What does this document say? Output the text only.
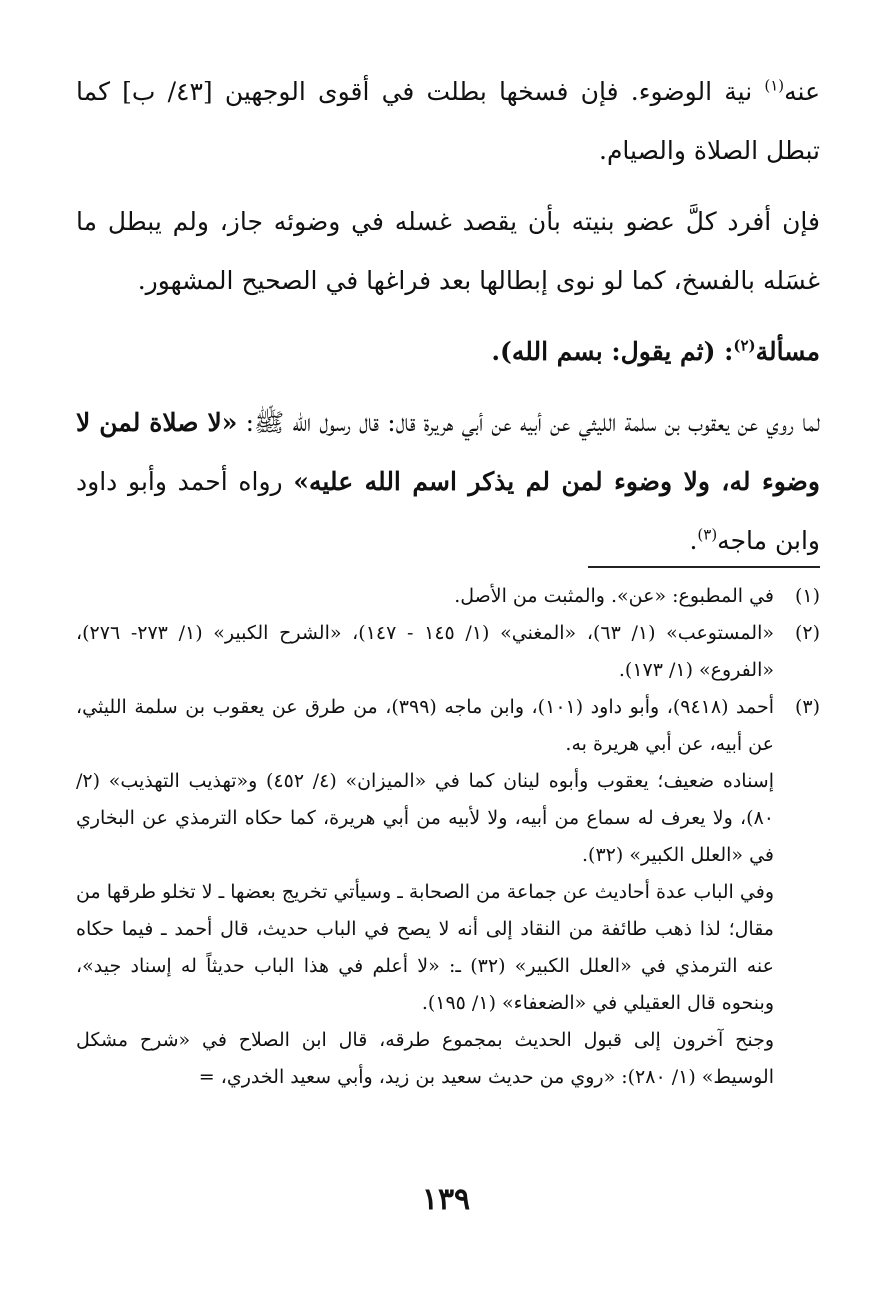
عنه$^{(١)}$ نية الوضوء. فإن فسخها بطلت في أقوى الوجهين [٤٣/ ب] كما تبطل الصلاة والصيام.

فإن أفرد كلَّ عضو بنيته بأن يقصد غسله في وضوئه جاز، ولم يبطل ما غسَله بالفسخ، كما لو نوى إبطالها بعد فراغها في الصحيح المشهور.

مسألة$^{(٢)}$: (ثم يقول: بسم الله).

لما روي عن يعقوب بن سلمة الليثي عن أبيه عن أبي هريرة قال: قال رسول الله ﷺ: «لا صلاة لمن لا وضوء له، ولا وضوء لمن لم يذكر اسم الله عليه» رواه أحمد وأبو داود وابن ماجه$^{(٣)}$.

(١)

في المطبوع: «عن». والمثبت من الأصل.

(٢)

«المستوعب» (١/ ٦٣)، «المغني» (١/ ١٤٥ - ١٤٧)، «الشرح الكبير» (١/ ٢٧٣- ٢٧٦)، «الفروع» (١/ ١٧٣).

(٣)

أحمد (٩٤١٨)، وأبو داود (١٠١)، وابن ماجه (٣٩٩)، من طرق عن يعقوب بن سلمة الليثي، عن أبيه، عن أبي هريرة به.

إسناده ضعيف؛ يعقوب وأبوه لينان كما في «الميزان» (٤/ ٤٥٢) و«تهذيب التهذيب» (٢/ ٨٠)، ولا يعرف له سماع من أبيه، ولا لأبيه من أبي هريرة، كما حكاه الترمذي عن البخاري في «العلل الكبير» (٣٢).

وفي الباب عدة أحاديث عن جماعة من الصحابة ـ وسيأتي تخريج بعضها ـ لا تخلو طرقها من مقال؛ لذا ذهب طائفة من النقاد إلى أنه لا يصح في الباب حديث، قال أحمد ـ فيما حكاه عنه الترمذي في «العلل الكبير» (٣٢) ـ: «لا أعلم في هذا الباب حديثاً له إسناد جيد»، وبنحوه قال العقيلي في «الضعفاء» (١/ ١٩٥).

وجنح آخرون إلى قبول الحديث بمجموع طرقه، قال ابن الصلاح في «شرح مشكل الوسيط» (١/ ٢٨٠): «روي من حديث سعيد بن زيد، وأبي سعيد الخدري، =

١٣٩
